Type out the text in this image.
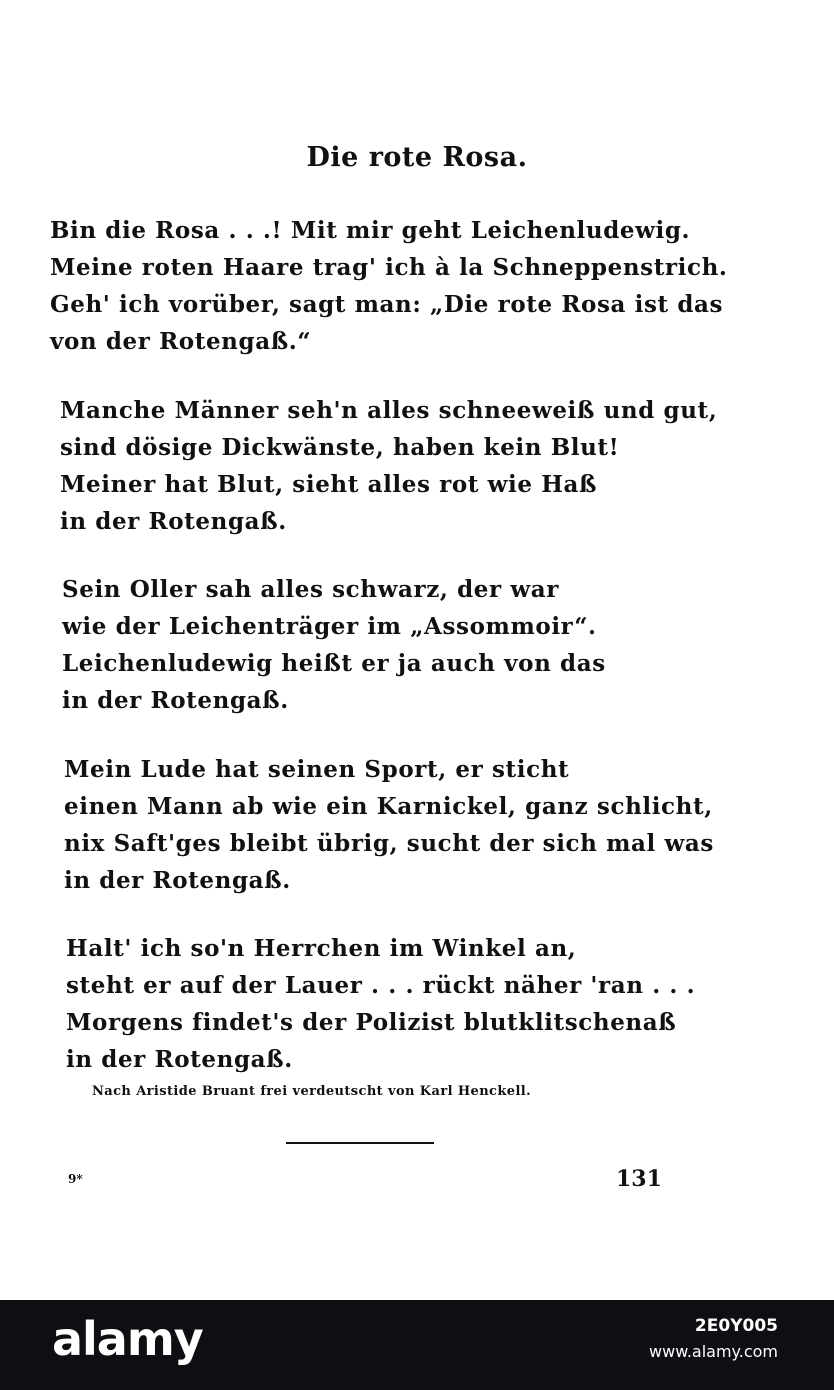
Die rote Rosa.
Bin die Rosa . . .! Mit mir geht Leichenludewig.
Meine roten Haare trag' ich à la Schneppenstrich.
Geh' ich vorüber, sagt man: „Die rote Rosa ist das
von der Rotengaß.“
Manche Männer seh'n alles schneeweiß und gut,
sind dösige Dickwänste, haben kein Blut!
Meiner hat Blut, sieht alles rot wie Haß
in der Rotengaß.
Sein Oller sah alles schwarz, der war
wie der Leichenträger im „Assommoir“.
Leichenludewig heißt er ja auch von das
in der Rotengaß.
Mein Lude hat seinen Sport, er sticht
einen Mann ab wie ein Karnickel, ganz schlicht,
nix Saft'ges bleibt übrig, sucht der sich mal was
in der Rotengaß.
Halt' ich so'n Herrchen im Winkel an,
steht er auf der Lauer . . . rückt näher 'ran . . .
Morgens findet's der Polizist blutklitschenaß
in der Rotengaß.
Nach Aristide Bruant frei verdeutscht von Karl Henckell.
9*	131
alamy	2E0Y005
www.alamy.com
